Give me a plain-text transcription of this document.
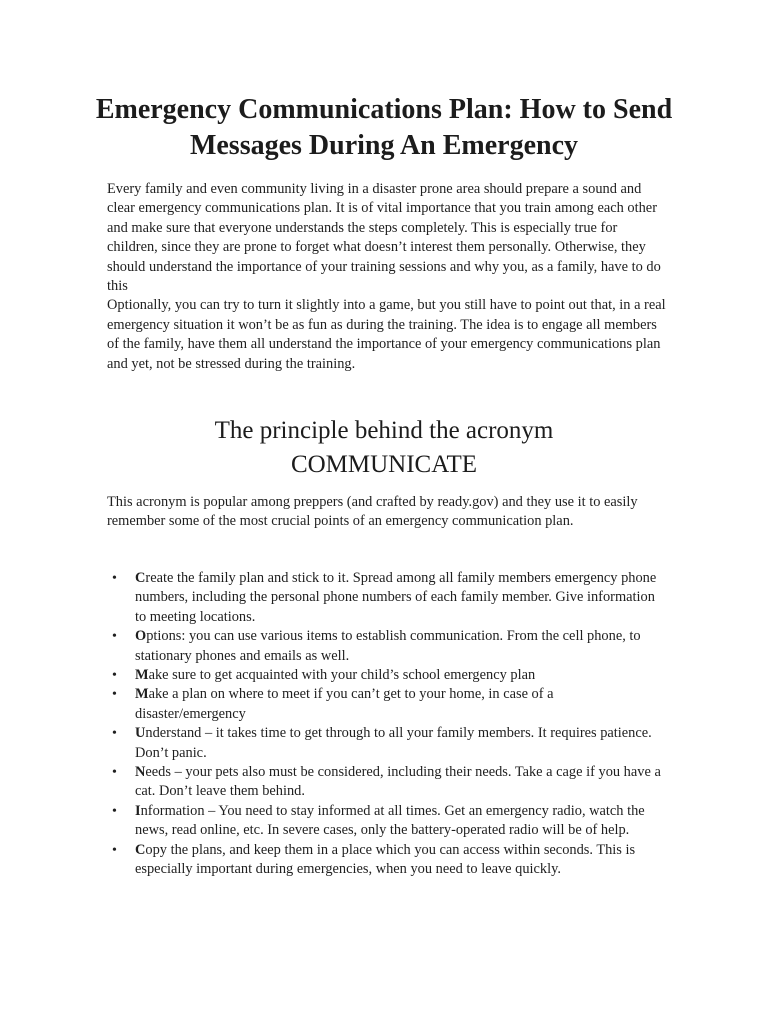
Emergency Communications Plan: How to Send Messages During An Emergency

Every family and even community living in a disaster prone area should prepare a sound and clear emergency communications plan. It is of vital importance that you train among each other and make sure that everyone understands the steps completely. This is especially true for children, since they are prone to forget what doesn’t interest them personally. Otherwise, they should understand the importance of your training sessions and why you, as a family, have to do this

Optionally, you can try to turn it slightly into a game, but you still have to point out that, in a real emergency situation it won’t be as fun as during the training. The idea is to engage all members of the family, have them all understand the importance of your emergency communications plan and yet, not be stressed during the training.

The principle behind the acronym COMMUNICATE

This acronym is popular among preppers (and crafted by ready.gov) and they use it to easily remember some of the most crucial points of an emergency communication plan.

• Create the family plan and stick to it. Spread among all family members emergency phone numbers, including the personal phone numbers of each family member. Give information to meeting locations.
• Options: you can use various items to establish communication. From the cell phone, to stationary phones and emails as well.
• Make sure to get acquainted with your child’s school emergency plan
• Make a plan on where to meet if you can’t get to your home, in case of a disaster/emergency
• Understand – it takes time to get through to all your family members. It requires patience. Don’t panic.
• Needs – your pets also must be considered, including their needs. Take a cage if you have a cat. Don’t leave them behind.
• Information – You need to stay informed at all times. Get an emergency radio, watch the news, read online, etc. In severe cases, only the battery-operated radio will be of help.
• Copy the plans, and keep them in a place which you can access within seconds. This is especially important during emergencies, when you need to leave quickly.
